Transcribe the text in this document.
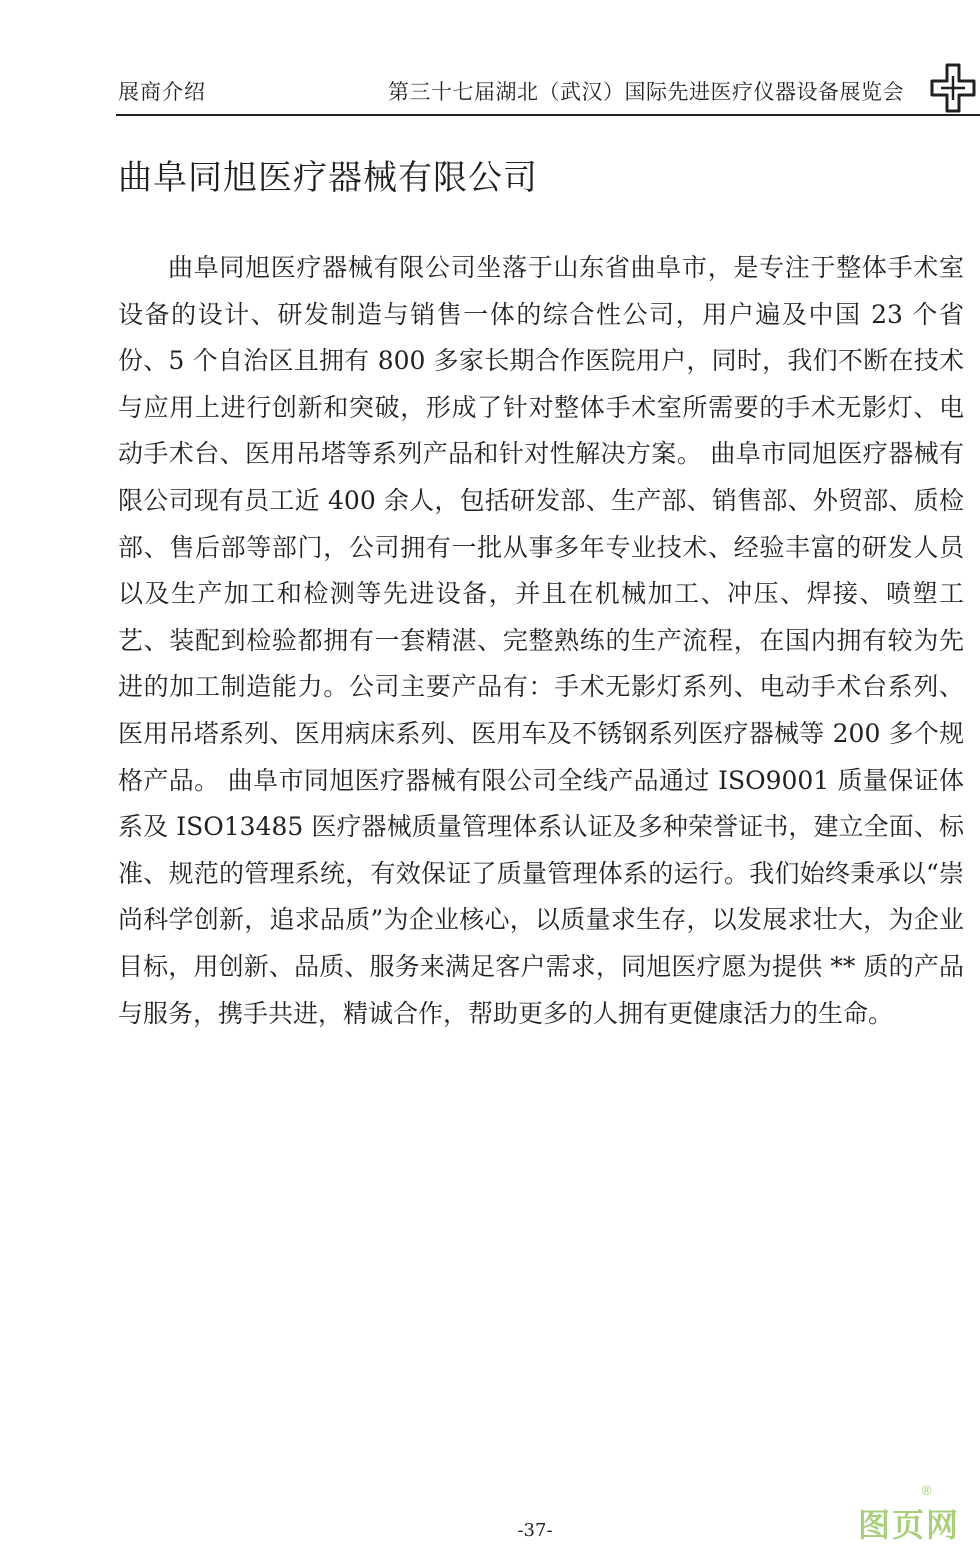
展商介绍	第三十七届湖北（武汉）国际先进医疗仪器设备展览会
曲阜同旭医疗器械有限公司

曲阜同旭医疗器械有限公司坐落于山东省曲阜市，是专注于整体手术室设备的设计、研发制造与销售一体的综合性公司，用户遍及中国 23 个省份、5 个自治区且拥有 800 多家长期合作医院用户，同时，我们不断在技术与应用上进行创新和突破，形成了针对整体手术室所需要的手术无影灯、电动手术台、医用吊塔等系列产品和针对性解决方案。 曲阜市同旭医疗器械有限公司现有员工近 400 余人，包括研发部、生产部、销售部、外贸部、质检部、售后部等部门，公司拥有一批从事多年专业技术、经验丰富的研发人员以及生产加工和检测等先进设备，并且在机械加工、冲压、焊接、喷塑工艺、装配到检验都拥有一套精湛、完整熟练的生产流程，在国内拥有较为先进的加工制造能力。公司主要产品有：手术无影灯系列、电动手术台系列、医用吊塔系列、医用病床系列、医用车及不锈钢系列医疗器械等 200 多个规格产品。 曲阜市同旭医疗器械有限公司全线产品通过 ISO9001 质量保证体系及 ISO13485 医疗器械质量管理体系认证及多种荣誉证书，建立全面、标准、规范的管理系统，有效保证了质量管理体系的运行。我们始终秉承以“崇尚科学创新，追求品质”为企业核心，以质量求生存，以发展求壮大，为企业目标，用创新、品质、服务来满足客户需求，同旭医疗愿为提供 ** 质的产品与服务，携手共进，精诚合作，帮助更多的人拥有更健康活力的生命。

®
图页网
-37-
